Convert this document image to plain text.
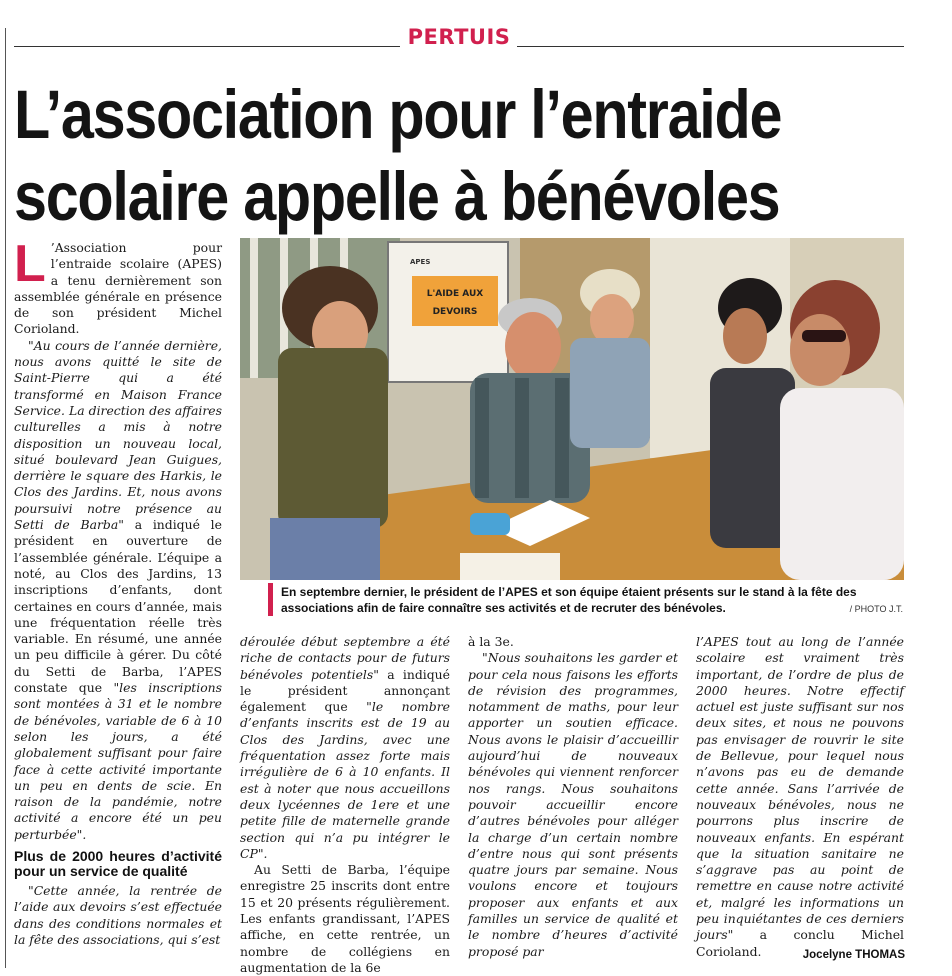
PERTUIS
L’association pour l’entraide
scolaire appelle à bénévoles

L ’Association pour l’entraide scolaire (APES) a tenu dernièrement son assemblée générale en présence de son président Michel Corioland.

"Au cours de l’année dernière, nous avons quitté le site de Saint-Pierre qui a été transformé en Maison France Service. La direction des affaires culturelles a mis à notre disposition un nouveau local, situé boulevard Jean Guigues, derrière le square des Harkis, le Clos des Jardins. Et, nous avons poursuivi notre présence au Setti de Barba" a indiqué le président en ouverture de l’assemblée générale. L’équipe a noté, au Clos des Jardins, 13 inscriptions d’enfants, dont certaines en cours d’année, mais une fréquentation réelle très variable. En résumé, une année un peu difficile à gérer. Du côté du Setti de Barba, l’APES constate que "les inscriptions sont montées à 31 et le nombre de bénévoles, variable de 6 à 10 selon les jours, a été globalement suffisant pour faire face à cette activité importante un peu en dents de scie. En raison de la pandémie, notre activité a encore été un peu perturbée".

Plus de 2000 heures d’activité pour un service de qualité

"Cette année, la rentrée de l’aide aux devoirs s’est effectuée dans des conditions normales et la fête des associations, qui s’est

L'AIDE AUX
DEVOIRS
APES
En septembre dernier, le président de l’APES et son équipe étaient présents sur le stand à la fête des associations afin de faire connaître ses activités et de recruter des bénévoles.	/ PHOTO J.T.

déroulée début septembre a été riche de contacts pour de futurs bénévoles potentiels" a indiqué le président annonçant également que "le nombre d’enfants inscrits est de 19 au Clos des Jardins, avec une fréquentation assez forte mais irrégulière de 6 à 10 enfants. Il est à noter que nous accueillons deux lycéennes de 1ere et une petite fille de maternelle grande section qui n’a pu intégrer le CP".

Au Setti de Barba, l’équipe enregistre 25 inscrits dont entre 15 et 20 présents régulièrement. Les enfants grandissant, l’APES affiche, en cette rentrée, un nombre de collégiens en augmentation de la 6e

à la 3e.

"Nous souhaitons les garder et pour cela nous faisons les efforts de révision des programmes, notamment de maths, pour leur apporter un soutien efficace. Nous avons le plaisir d’accueillir aujourd’hui de nouveaux bénévoles qui viennent renforcer nos rangs. Nous souhaitons pouvoir accueillir encore d’autres bénévoles pour alléger la charge d’un certain nombre d’entre nous qui sont présents quatre jours par semaine. Nous voulons encore et toujours proposer aux enfants et aux familles un service de qualité et le nombre d’heures d’activité proposé par

l’APES tout au long de l’année scolaire est vraiment très important, de l’ordre de plus de 2000 heures. Notre effectif actuel est juste suffisant sur nos deux sites, et nous ne pouvons pas envisager de rouvrir le site de Bellevue, pour lequel nous n’avons pas eu de demande cette année. Sans l’arrivée de nouveaux bénévoles, nous ne pourrons plus inscrire de nouveaux enfants. En espérant que la situation sanitaire ne s’aggrave pas au point de remettre en cause notre activité et, malgré les informations un peu inquiétantes de ces derniers jours" a conclu Michel Corioland.	Jocelyne THOMAS
